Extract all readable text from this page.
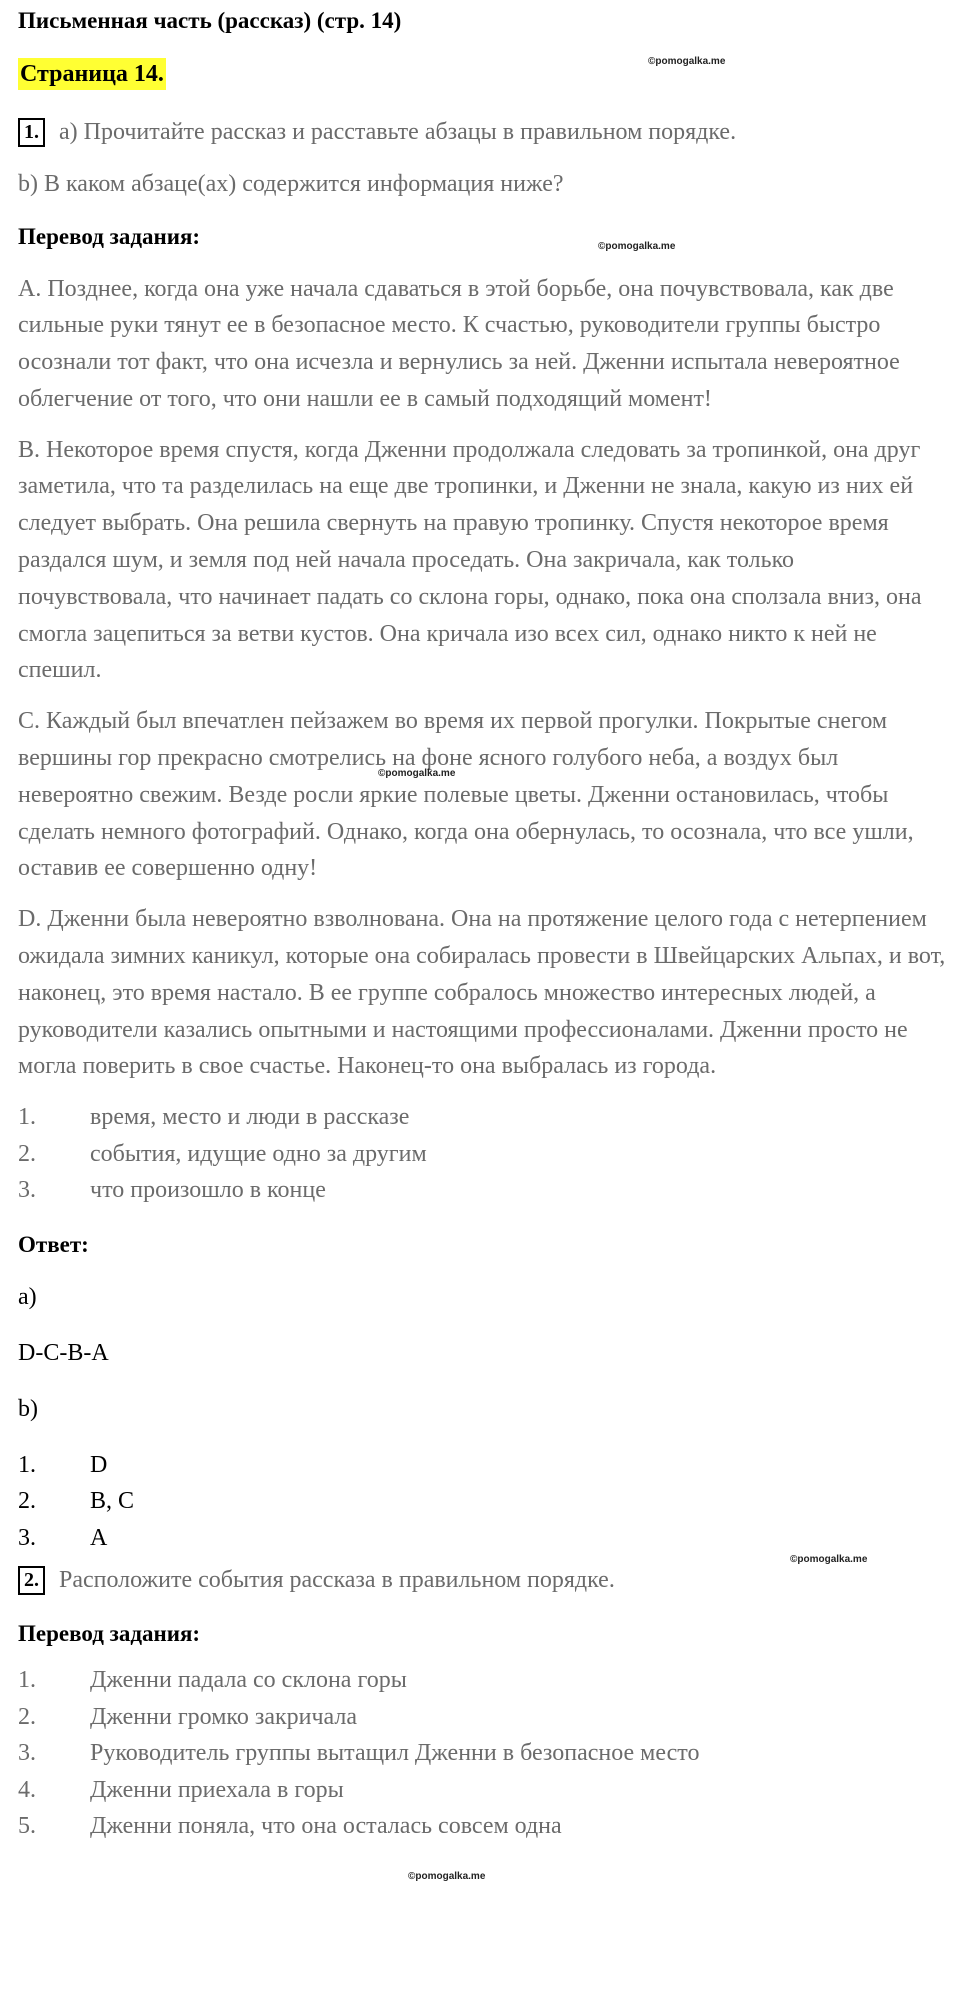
Письменная часть (рассказ) (стр. 14)
Страница 14.
1. a) Прочитайте рассказ и расставьте абзацы в правильном порядке.

b) В каком абзаце(ах) содержится информация ниже?

Перевод задания:

A. Позднее, когда она уже начала сдаваться в этой борьбе, она почувствовала, как две сильные руки тянут ее в безопасное место. К счастью, руководители группы быстро осознали тот факт, что она исчезла и вернулись за ней. Дженни испытала невероятное облегчение от того, что они нашли ее в самый подходящий момент!

B. Некоторое время спустя, когда Дженни продолжала следовать за тропинкой, она друг заметила, что та разделилась на еще две тропинки, и Дженни не знала, какую из них ей следует выбрать. Она решила свернуть на правую тропинку. Спустя некоторое время раздался шум, и земля под ней начала проседать. Она закричала, как только почувствовала, что начинает падать со склона горы, однако, пока она сползала вниз, она смогла зацепиться за ветви кустов. Она кричала изо всех сил, однако никто к ней не спешил.

C. Каждый был впечатлен пейзажем во время их первой прогулки. Покрытые снегом вершины гор прекрасно смотрелись на фоне ясного голубого неба, а воздух был невероятно свежим. Везде росли яркие полевые цветы. Дженни остановилась, чтобы сделать немного фотографий. Однако, когда она обернулась, то осознала, что все ушли, оставив ее совершенно одну!

D. Дженни была невероятно взволнована. Она на протяжение целого года с нетерпением ожидала зимних каникул, которые она собиралась провести в Швейцарских Альпах, и вот, наконец, это время настало. В ее группе собралось множество интересных людей, а руководители казались опытными и настоящими профессионалами. Дженни просто не могла поверить в свое счастье. Наконец-то она выбралась из города.

1.	время, место и люди в рассказе
2.	события, идущие одно за другим
3.	что произошло в конце
Ответ:
a)
D-C-B-A
b)
1.	D
2.	B, C
3.	A
2. Расположите события рассказа в правильном порядке.
Перевод задания:
1.	Дженни падала со склона горы
2.	Дженни громко закричала
3.	Руководитель группы вытащил Дженни в безопасное место
4.	Дженни приехала в горы
5.	Дженни поняла, что она осталась совсем одна
©pomogalka.me
©pomogalka.me
©pomogalka.me
©pomogalka.me
©pomogalka.me
